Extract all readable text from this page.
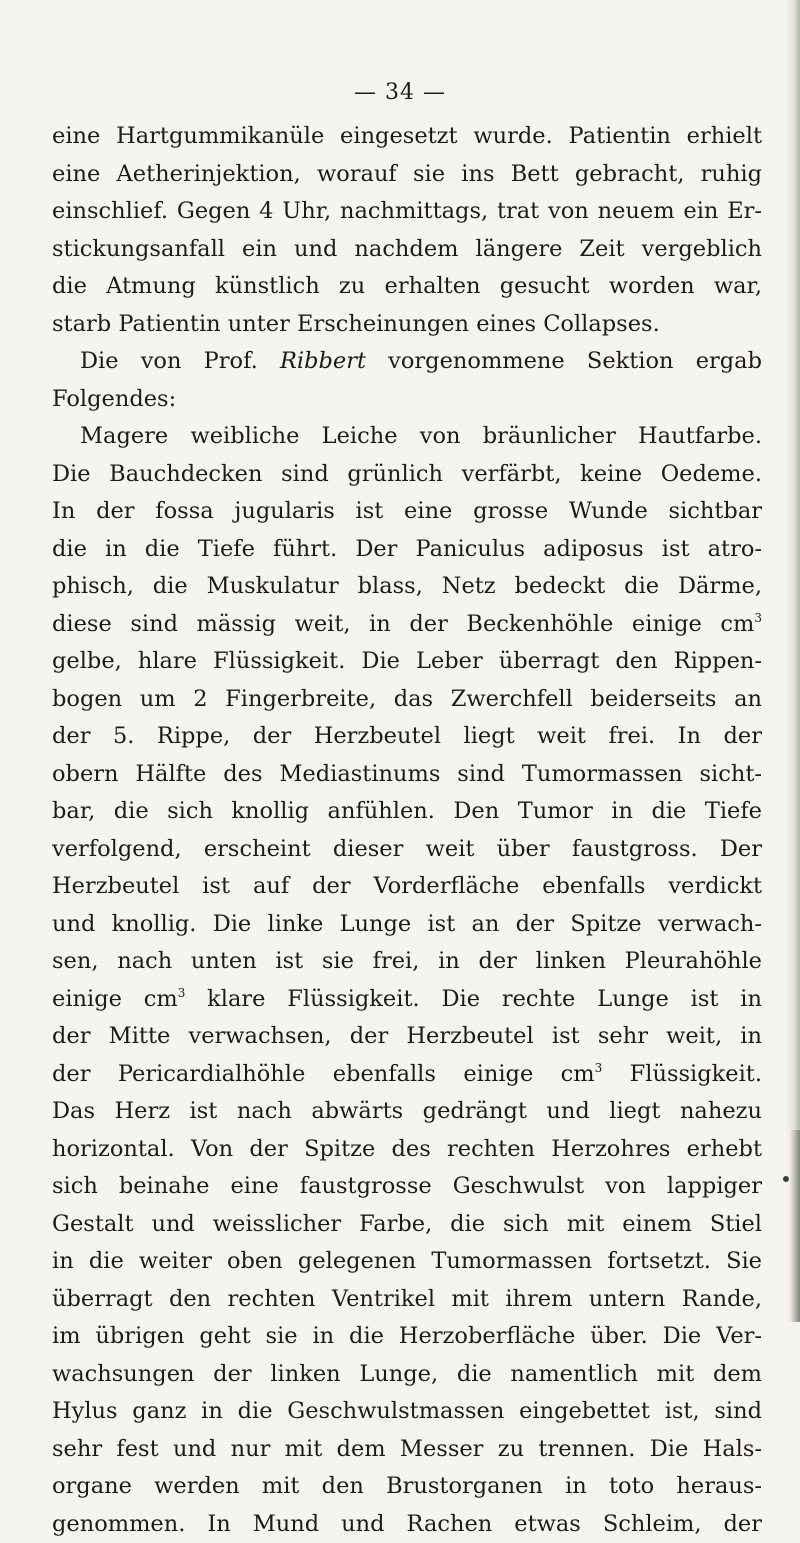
— 34 —
eine Hartgummikanüle eingesetzt wurde. Patientin erhielt
eine Aetherinjektion, worauf sie ins Bett gebracht, ruhig
einschlief. Gegen 4 Uhr, nachmittags, trat von neuem ein Er-
stickungsanfall ein und nachdem längere Zeit vergeblich
die Atmung künstlich zu erhalten gesucht worden war,
starb Patientin unter Erscheinungen eines Collapses.
Die von Prof. Ribbert vorgenommene Sektion ergab
Folgendes:
Magere weibliche Leiche von bräunlicher Hautfarbe.
Die Bauchdecken sind grünlich verfärbt, keine Oedeme.
In der fossa jugularis ist eine grosse Wunde sichtbar
die in die Tiefe führt. Der Paniculus adiposus ist atro-
phisch, die Muskulatur blass, Netz bedeckt die Därme,
diese sind mässig weit, in der Beckenhöhle einige $cm^3$
gelbe, hlare Flüssigkeit. Die Leber überragt den Rippen-
bogen um 2 Fingerbreite, das Zwerchfell beiderseits an
der 5. Rippe, der Herzbeutel liegt weit frei. In der
obern Hälfte des Mediastinums sind Tumormassen sicht-
bar, die sich knollig anfühlen. Den Tumor in die Tiefe
verfolgend, erscheint dieser weit über faustgross. Der
Herzbeutel ist auf der Vorderfläche ebenfalls verdickt
und knollig. Die linke Lunge ist an der Spitze verwach-
sen, nach unten ist sie frei, in der linken Pleurahöhle
einige $cm^3$ klare Flüssigkeit. Die rechte Lunge ist in
der Mitte verwachsen, der Herzbeutel ist sehr weit, in
der Pericardialhöhle ebenfalls einige $cm^3$ Flüssigkeit.
Das Herz ist nach abwärts gedrängt und liegt nahezu
horizontal. Von der Spitze des rechten Herzohres erhebt
sich beinahe eine faustgrosse Geschwulst von lappiger
Gestalt und weisslicher Farbe, die sich mit einem Stiel
in die weiter oben gelegenen Tumormassen fortsetzt. Sie
überragt den rechten Ventrikel mit ihrem untern Rande,
im übrigen geht sie in die Herzoberfläche über. Die Ver-
wachsungen der linken Lunge, die namentlich mit dem
Hylus ganz in die Geschwulstmassen eingebettet ist, sind
sehr fest und nur mit dem Messer zu trennen. Die Hals-
organe werden mit den Brustorganen in toto heraus-
genommen. In Mund und Rachen etwas Schleim, der
